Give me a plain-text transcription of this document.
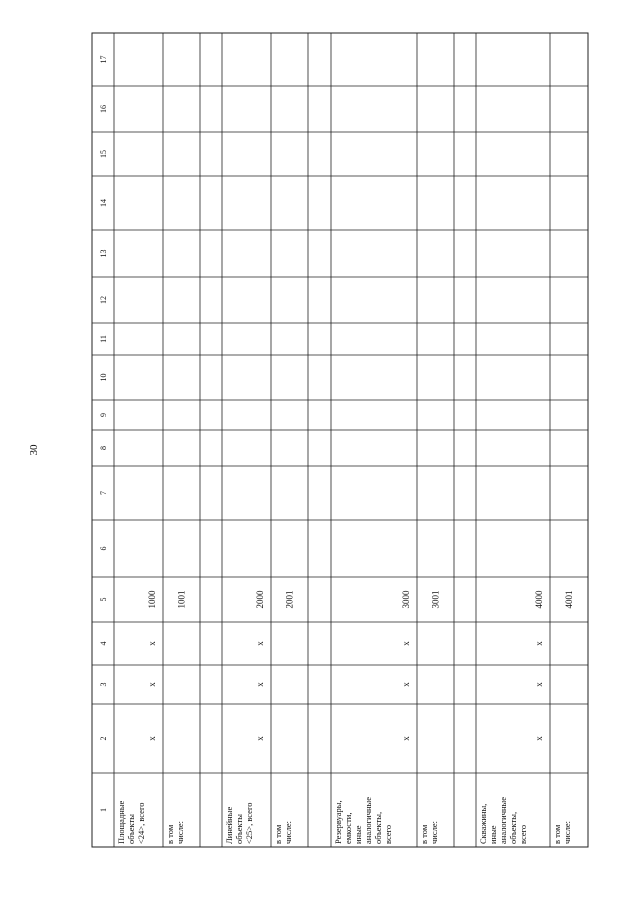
30
1
2
3
4
5
6
7
8
9
10
11
12
13
14
15
16
17
Площадные объекты <24>, всего
x
x
x
1000
в том числе:
1001
Линейные объекты <25>, всего
x
x
x
2000
в том числе:
2001
Резервуары, емкости, иные аналогичные объекты, всего
x
x
x
3000
в том числе:
3001
Скважины, иные аналогичные объекты, всего
x
x
x
4000
в том числе:
4001
